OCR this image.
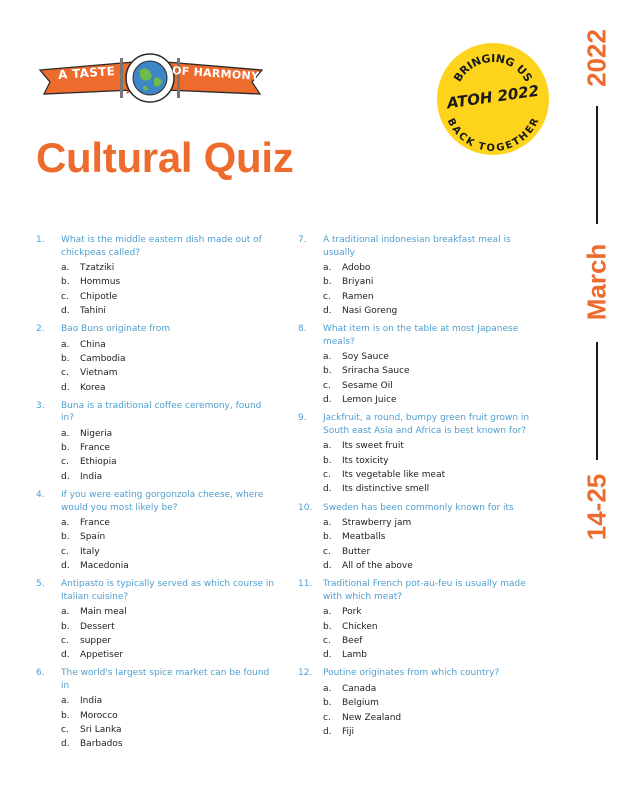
A TASTE	OF HARMONY	BRINGING US
BACK TOGETHER
ATOH 2022
Cultural Quiz
2022
March
14-25
1. What is the middle eastern dish made out of chickpeas called?
a.	Tzatziki
b.	Hommus
c.	Chipotle
d.	Tahini
2. Bao Buns originate from
a.	China
b.	Cambodia
c.	Vietnam
d.	Korea
3. Buna is a traditional coffee ceremony, found in?
a.	Nigeria
b.	France
c.	Ethiopia
d.	India
4. If you were eating gorgonzola cheese, where would you most likely be?
a.	France
b.	Spain
c.	Italy
d.	Macedonia
5. Antipasto is typically served as which course in Italian cuisine?
a.	Main meal
b.	Dessert
c.	supper
d.	Appetiser
6. The world's largest spice market can be found in
a.	India
b.	Morocco
c.	Sri Lanka
d.	Barbados
7. A traditional indonesian breakfast meal is usually
a.	Adobo
b.	Briyani
c.	Ramen
d.	Nasi Goreng
8. What item is on the table at most Japanese meals?
a.	Soy Sauce
b.	Sriracha Sauce
c.	Sesame Oil
d.	Lemon Juice
9. Jackfruit, a round, bumpy green fruit grown in South east Asia and Africa is best known for?
a.	Its sweet fruit
b.	Its toxicity
c.	Its vegetable like meat
d.	Its distinctive smell
10. Sweden has been commonly known for its
a.	Strawberry jam
b.	Meatballs
c.	Butter
d.	All of the above
11. Traditional French pot-au-feu is usually made with which meat?
a.	Pork
b.	Chicken
c.	Beef
d.	Lamb
12. Poutine originates from which country?
a.	Canada
b.	Belgium
c.	New Zealand
d.	Fiji
